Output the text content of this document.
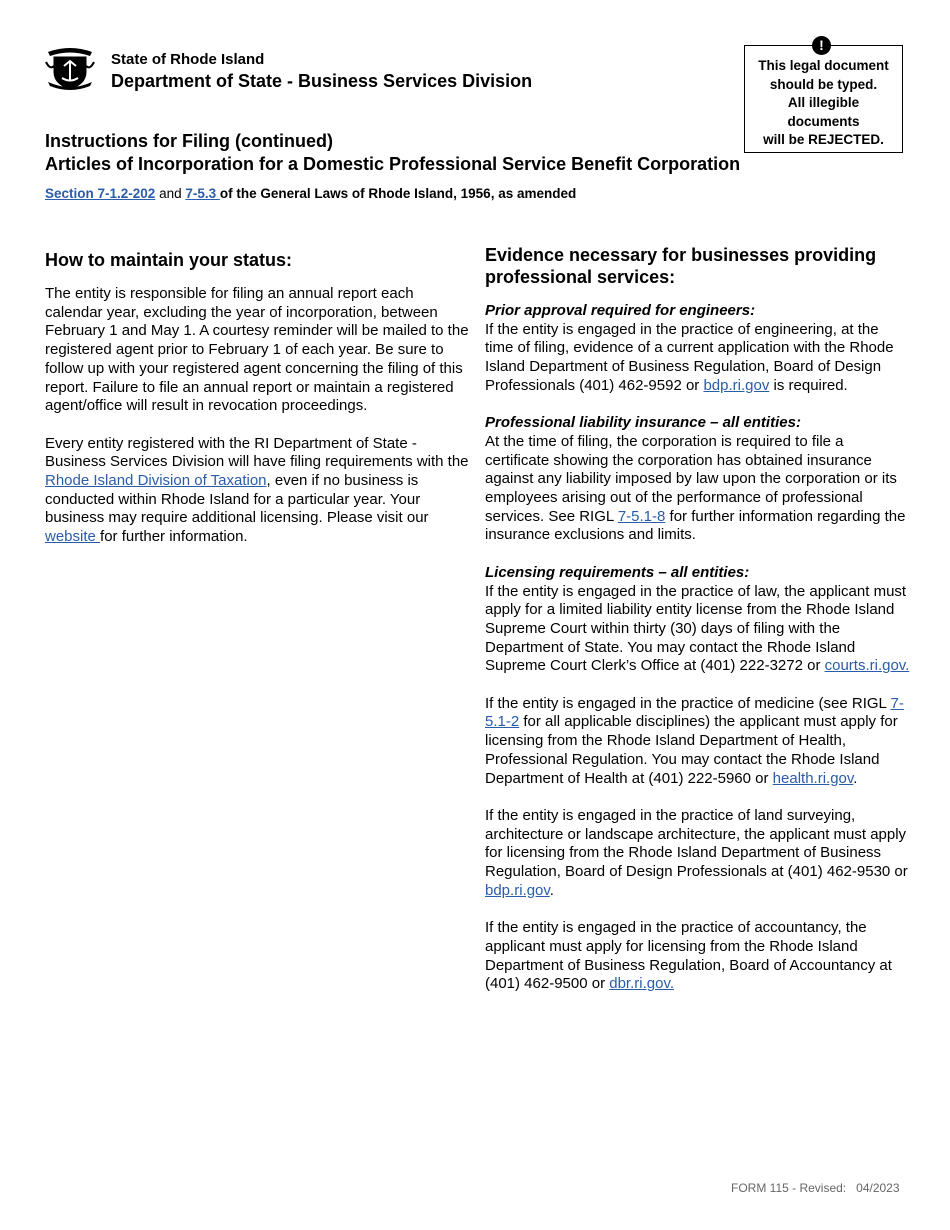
State of Rhode Island
Department of State - Business Services Division
This legal document
should be typed.
All illegible
documents
will be REJECTED.
!
Instructions for Filing (continued)
Articles of Incorporation for a Domestic Professional Service Benefit Corporation
Section 7-1.2-202 and 7-5.3 of the General Laws of Rhode Island, 1956, as amended
How to maintain your status:

The entity is responsible for filing an annual report each calendar year, excluding the year of incorporation, between February 1 and May 1. A courtesy reminder will be mailed to the registered agent prior to February 1 of each year. Be sure to follow up with your registered agent concerning the filing of this report. Failure to file an annual report or maintain a registered agent/office will result in revocation proceedings.

Every entity registered with the RI Department of State - Business Services Division will have filing requirements with the Rhode Island Division of Taxation, even if no business is conducted within Rhode Island for a particular year. Your business may require additional licensing. Please visit our website for further information.

Evidence necessary for businesses providing professional services:

Prior approval required for engineers:
If the entity is engaged in the practice of engineering, at the time of filing, evidence of a current application with the Rhode Island Department of Business Regulation, Board of Design Professionals (401) 462-9592 or bdp.ri.gov is required.

Professional liability insurance – all entities:
At the time of filing, the corporation is required to file a certificate showing the corporation has obtained insurance against any liability imposed by law upon the corporation or its employees arising out of the performance of professional services. See RIGL 7-5.1-8 for further information regarding the insurance exclusions and limits.

Licensing requirements – all entities:
If the entity is engaged in the practice of law, the applicant must apply for a limited liability entity license from the Rhode Island Supreme Court within thirty (30) days of filing with the Department of State. You may contact the Rhode Island Supreme Court Clerk’s Office at (401) 222-3272 or courts.ri.gov.

If the entity is engaged in the practice of medicine (see RIGL 7-5.1-2 for all applicable disciplines) the applicant must apply for licensing from the Rhode Island Department of Health, Professional Regulation. You may contact the Rhode Island Department of Health at (401) 222-5960 or health.ri.gov.

If the entity is engaged in the practice of land surveying, architecture or landscape architecture, the applicant must apply for licensing from the Rhode Island Department of Business Regulation, Board of Design Professionals at (401) 462-9530 or bdp.ri.gov.

If the entity is engaged in the practice of accountancy, the applicant must apply for licensing from the Rhode Island Department of Business Regulation, Board of Accountancy at (401) 462-9500 or dbr.ri.gov.

FORM 115 - Revised:   04/2023
